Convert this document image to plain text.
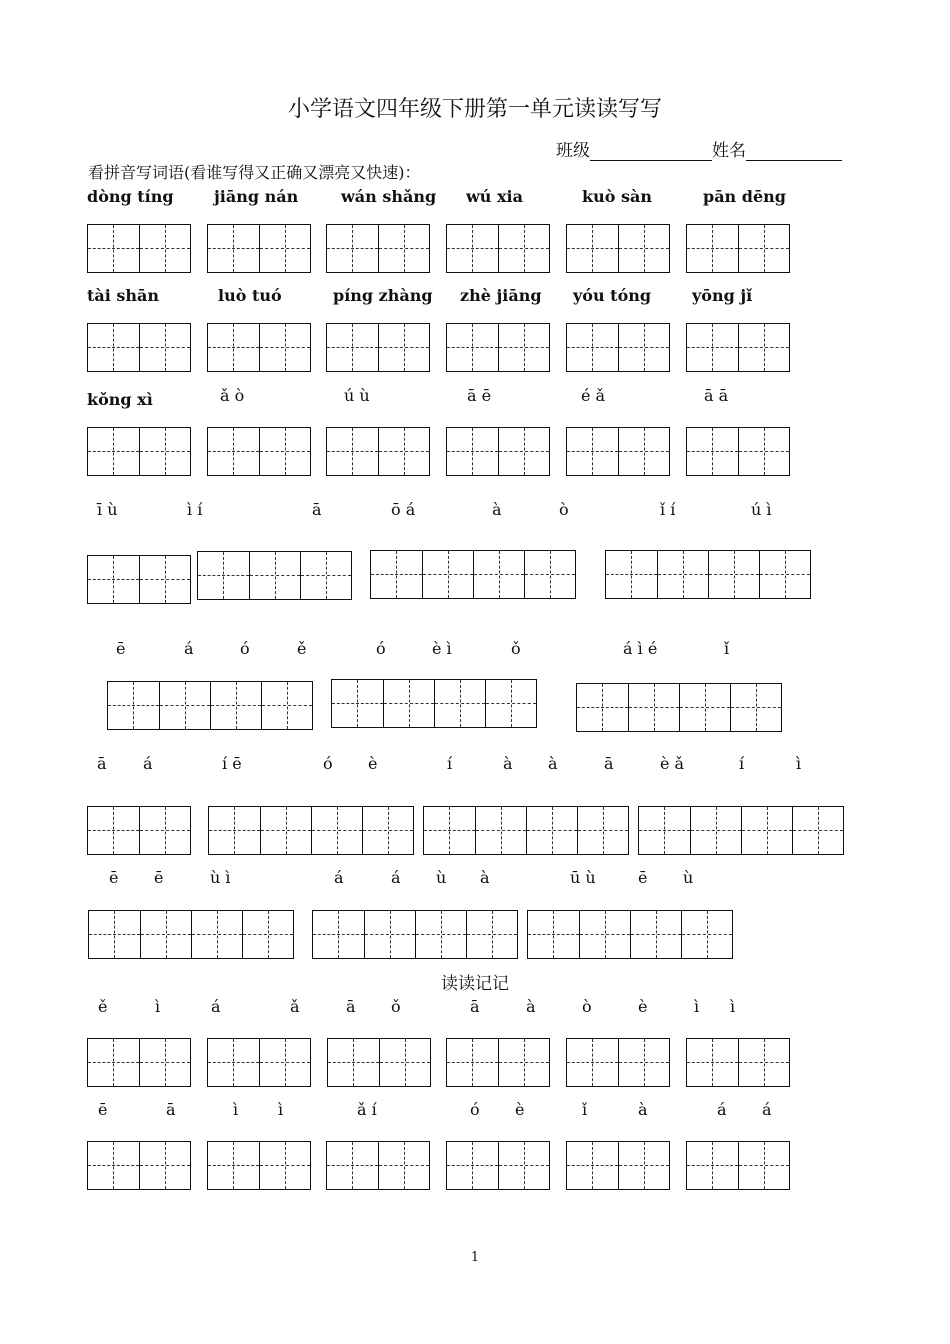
小学语文四年级下册第一单元读读写写
班级	姓名
看拼音写词语(看谁写得又正确又漂亮又快速)：
dòng tíng	jiāng nán	wán shǎng wú xia	kuò sàn	pān dēng
tài shān	luò tuó	píng zhàng zhè jiāng yóu tóng	yōng jǐ
kǒng xì	ǎ ò	ú ù	ā ē	é ǎ	ā ā
ī ù	ì í	ā	ō á	à	ò	ǐ í	ú ì
ē	á	ó	ě	ó	è ì	ǒ	á ì é	ǐ
ā á	í ē	ó è	í	à à	ā	è ǎ	í	ì
ē ē	ù ì	á	á ù à	ū ù	ē ù
读读记记
ě	ì	á	ǎ	ā ǒ	ā	à	ò	è	ì ì
ē	ā	ì ì	ǎ í	ó è	ǐ	à	á á
1
